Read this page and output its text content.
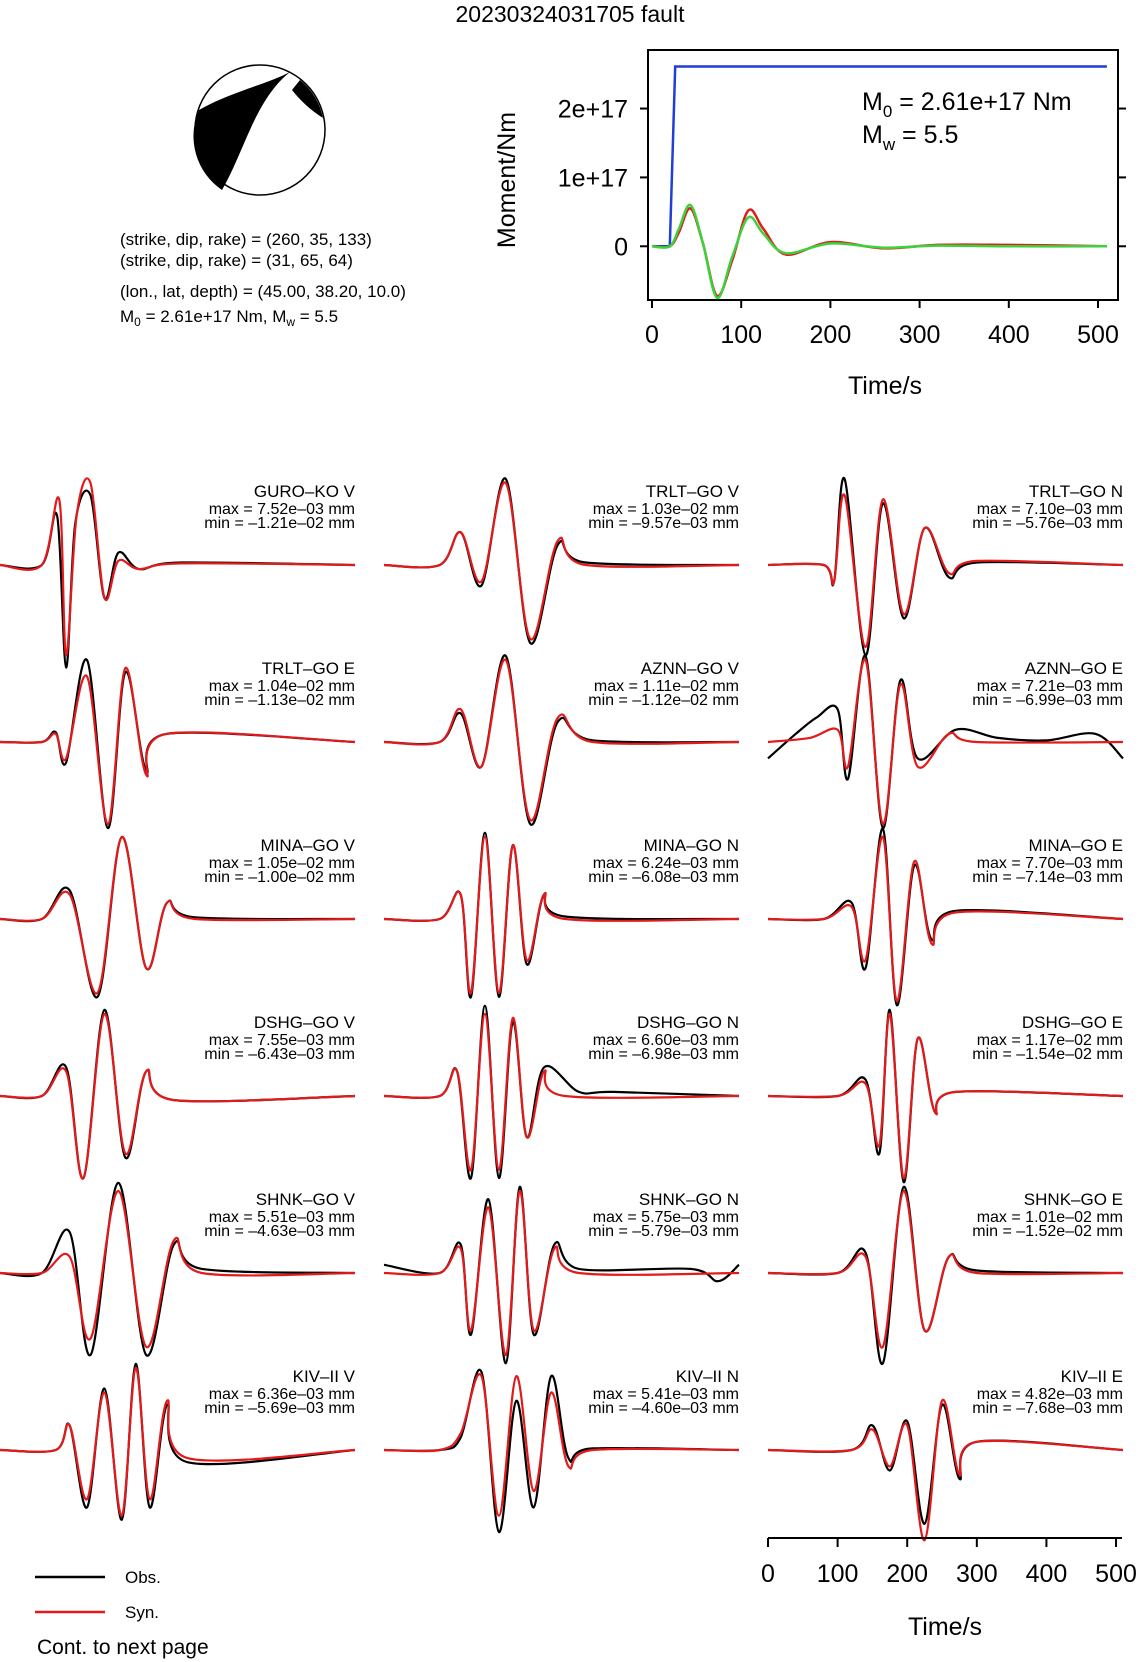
20230324031705 fault
(strike, dip, rake) = (260, 35, 133)
(strike, dip, rake) = (31, 65, 64)
(lon., lat, depth) = (45.00, 38.20, 10.0)
$M_0 = 2.61e+17$ Nm, $M_w = 5.5$
0
1e+17
2e+17
0 100 200 300 400 500
Moment/Nm
Time/s
$M_0 = 2.61e+17$ Nm
$M_w = 5.5$
GURO–KO V
max = 7.52e–03 mm
min = –1.21e–02 mm
TRLT–GO V
max = 1.03e–02 mm
min = –9.57e–03 mm
TRLT–GO N
max = 7.10e–03 mm
min = –5.76e–03 mm
TRLT–GO E
max = 1.04e–02 mm
min = –1.13e–02 mm
AZNN–GO V
max = 1.11e–02 mm
min = –1.12e–02 mm
AZNN–GO E
max = 7.21e–03 mm
min = –6.99e–03 mm
MINA–GO V
max = 1.05e–02 mm
min = –1.00e–02 mm
MINA–GO N
max = 6.24e–03 mm
min = –6.08e–03 mm
MINA–GO E
max = 7.70e–03 mm
min = –7.14e–03 mm
DSHG–GO V
max = 7.55e–03 mm
min = –6.43e–03 mm
DSHG–GO N
max = 6.60e–03 mm
min = –6.98e–03 mm
DSHG–GO E
max = 1.17e–02 mm
min = –1.54e–02 mm
SHNK–GO V
max = 5.51e–03 mm
min = –4.63e–03 mm
SHNK–GO N
max = 5.75e–03 mm
min = –5.79e–03 mm
SHNK–GO E
max = 1.01e–02 mm
min = –1.52e–02 mm
KIV–II V
max = 6.36e–03 mm
min = –5.69e–03 mm
KIV–II N
max = 5.41e–03 mm
min = –4.60e–03 mm
KIV–II E
max = 4.82e–03 mm
min = –7.68e–03 mm
0 100 200 300 400 500
Time/s
Obs.
Syn.
Cont. to next page
